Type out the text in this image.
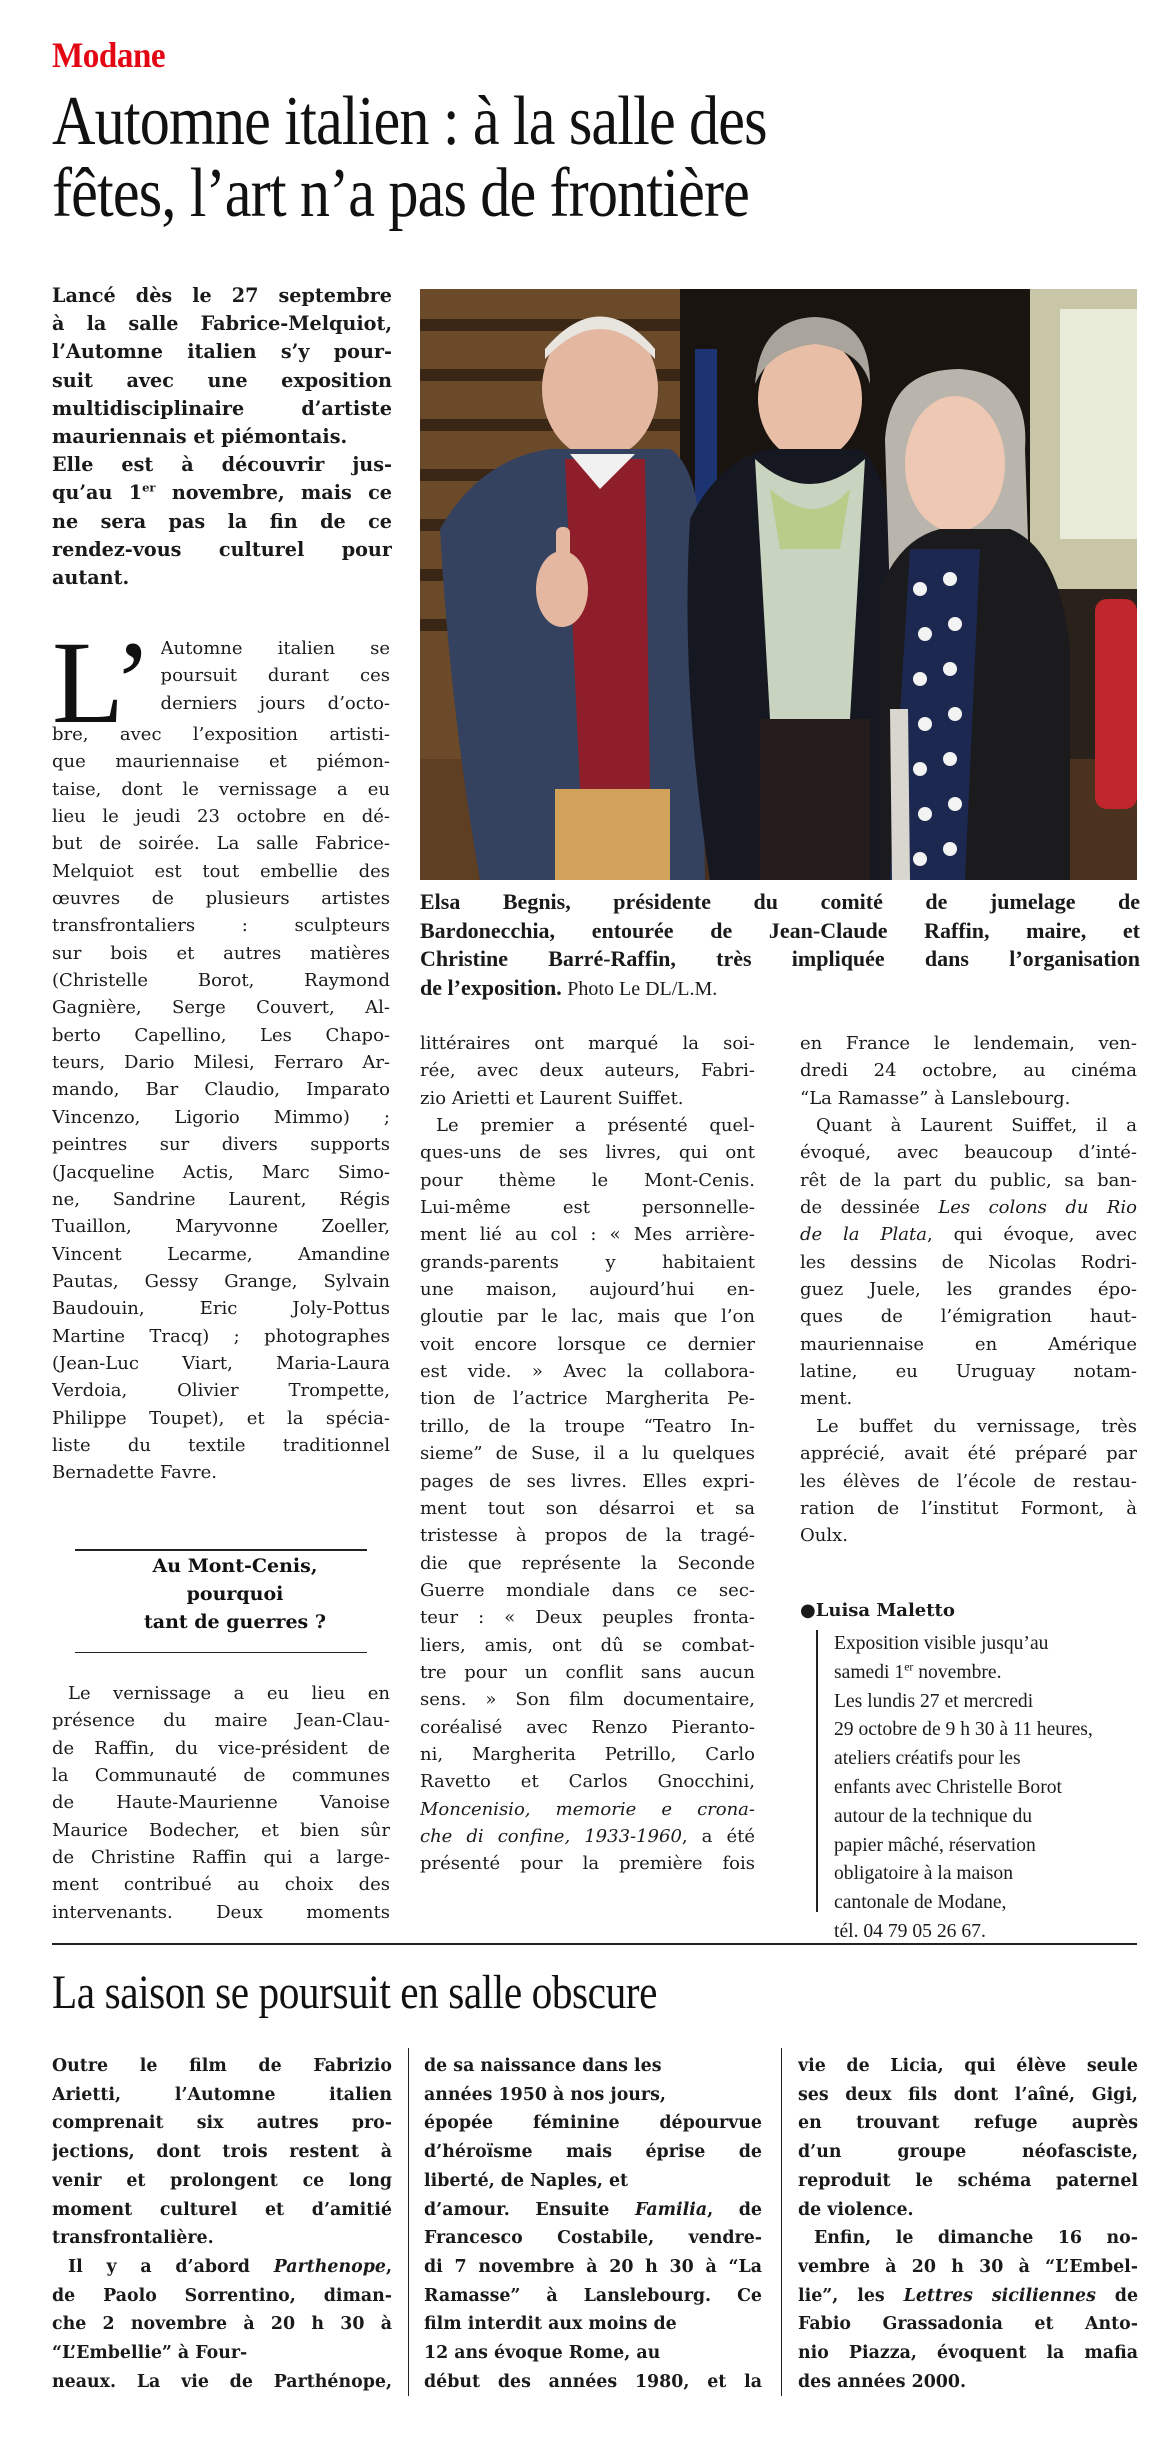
Modane
Automne italien : à la salle des
fêtes, l’art n’a pas de frontière
Lancé dès le 27 septembre
à la salle Fabrice-Melquiot,
l’Automne italien s’y pour-
suit avec une exposition
multidisciplinaire d’artiste
mauriennais et piémontais.
Elle est à découvrir jus-
qu’au 1er novembre, mais ce
ne sera pas la fin de ce
rendez-vous culturel pour
autant.
Elsa Begnis, présidente du comité de jumelage de
Bardonecchia, entourée de Jean-Claude Raffin, maire, et
Christine Barré-Raffin, très impliquée dans l’organisation
de l’exposition. Photo Le DL/L.M.
L’ Automne italien se
poursuit durant ces
derniers jours d’octo-
bre, avec l’exposition artisti-
que mauriennaise et piémon-
taise, dont le vernissage a eu
lieu le jeudi 23 octobre en dé-
but de soirée. La salle Fabrice-
Melquiot est tout embellie des
œuvres de plusieurs artistes
transfrontaliers : sculpteurs
sur bois et autres matières
(Christelle Borot, Raymond
Gagnière, Serge Couvert, Al-
berto Capellino, Les Chapo-
teurs, Dario Milesi, Ferraro Ar-
mando, Bar Claudio, Imparato
Vincenzo, Ligorio Mimmo) ;
peintres sur divers supports
(Jacqueline Actis, Marc Simo-
ne, Sandrine Laurent, Régis
Tuaillon, Maryvonne Zoeller,
Vincent Lecarme, Amandine
Pautas, Gessy Grange, Sylvain
Baudouin, Eric Joly-Pottus
Martine Tracq) ; photographes
(Jean-Luc Viart, Maria-Laura
Verdoia, Olivier Trompette,
Philippe Toupet), et la spécia-
liste du textile traditionnel
Bernadette Favre.
Au Mont-Cenis,
pourquoi
tant de guerres ?
Le vernissage a eu lieu en
présence du maire Jean-Clau-
de Raffin, du vice-président de
la Communauté de communes
de Haute-Maurienne Vanoise
Maurice Bodecher, et bien sûr
de Christine Raffin qui a large-
ment contribué au choix des
intervenants. Deux moments
littéraires ont marqué la soi-
rée, avec deux auteurs, Fabri-
zio Arietti et Laurent Suiffet.
Le premier a présenté quel-
ques-uns de ses livres, qui ont
pour thème le Mont-Cenis.
Lui-même est personnelle-
ment lié au col : « Mes arrière-
grands-parents y habitaient
une maison, aujourd’hui en-
gloutie par le lac, mais que l’on
voit encore lorsque ce dernier
est vide. » Avec la collabora-
tion de l’actrice Margherita Pe-
trillo, de la troupe “Teatro In-
sieme” de Suse, il a lu quelques
pages de ses livres. Elles expri-
ment tout son désarroi et sa
tristesse à propos de la tragé-
die que représente la Seconde
Guerre mondiale dans ce sec-
teur : « Deux peuples fronta-
liers, amis, ont dû se combat-
tre pour un conflit sans aucun
sens. » Son film documentaire,
coréalisé avec Renzo Pieranto-
ni, Margherita Petrillo, Carlo
Ravetto et Carlos Gnocchini,
Moncenisio, memorie e crona-
che di confine, 1933-1960, a été
présenté pour la première fois
en France le lendemain, ven-
dredi 24 octobre, au cinéma
“La Ramasse” à Lanslebourg.
Quant à Laurent Suiffet, il a
évoqué, avec beaucoup d’inté-
rêt de la part du public, sa ban-
de dessinée Les colons du Rio
de la Plata, qui évoque, avec
les dessins de Nicolas Rodri-
guez Juele, les grandes épo-
ques de l’émigration haut-
mauriennaise en Amérique
latine, eu Uruguay notam-
ment.
Le buffet du vernissage, très
apprécié, avait été préparé par
les élèves de l’école de restau-
ration de l’institut Formont, à
Oulx.
●Luisa Maletto
Exposition visible jusqu’au
samedi 1er novembre.
Les lundis 27 et mercredi
29 octobre de 9 h 30 à 11 heures,
ateliers créatifs pour les
enfants avec Christelle Borot
autour de la technique du
papier mâché, réservation
obligatoire à la maison
cantonale de Modane,
tél. 04 79 05 26 67.
La saison se poursuit en salle obscure
Outre le film de Fabrizio
Arietti, l’Automne italien
comprenait six autres pro-
jections, dont trois restent à
venir et prolongent ce long
moment culturel et d’amitié
transfrontalière.
Il y a d’abord Parthenope,
de Paolo Sorrentino, diman-
che 2 novembre à 20 h 30 à
“L’Embellie” à Four-
neaux. La vie de Parthénope,
de sa naissance dans les
années 1950 à nos jours,
épopée féminine dépourvue
d’héroïsme mais éprise de
liberté, de Naples, et
d’amour. Ensuite Familia, de
Francesco Costabile, vendre-
di 7 novembre à 20 h 30 à “La
Ramasse” à Lanslebourg. Ce
film interdit aux moins de
12 ans évoque Rome, au
début des années 1980, et la
vie de Licia, qui élève seule
ses deux fils dont l’aîné, Gigi,
en trouvant refuge auprès
d’un groupe néofasciste,
reproduit le schéma paternel
de violence.
Enfin, le dimanche 16 no-
vembre à 20 h 30 à “L’Embel-
lie”, les Lettres siciliennes de
Fabio Grassadonia et Anto-
nio Piazza, évoquent la mafia
des années 2000.
